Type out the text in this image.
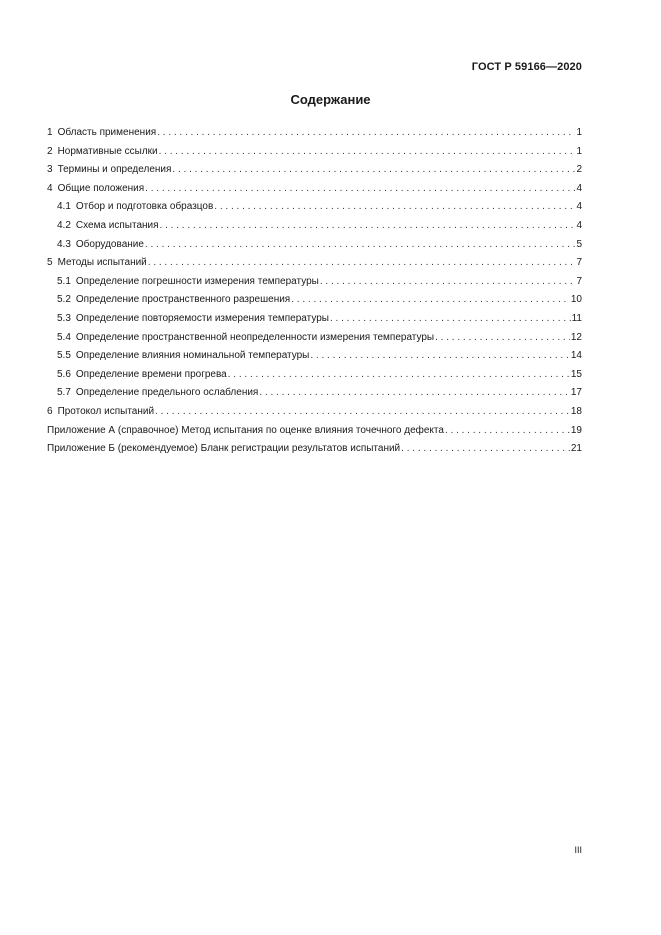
ГОСТ Р 59166—2020
Содержание
1 Область применения . . .	1
2 Нормативные ссылки . . .	1
3 Термины и определения . . .	2
4 Общие положения . . .	4
4.1 Отбор и подготовка образцов . . .	4
4.2 Схема испытания . . .	4
4.3 Оборудование . . .	5
5 Методы испытаний . . .	7
5.1 Определение погрешности измерения температуры . . .	7
5.2 Определение пространственного разрешения . . .	10
5.3 Определение повторяемости измерения температуры . . .	11
5.4 Определение пространственной неопределенности измерения температуры . . .	12
5.5 Определение влияния номинальной температуры . . .	14
5.6 Определение времени прогрева . . .	15
5.7 Определение предельного ослабления . . .	17
6 Протокол испытаний . . .	18
Приложение А (справочное) Метод испытания по оценке влияния точечного дефекта . . .	19
Приложение Б (рекомендуемое) Бланк регистрации результатов испытаний . . .	21
III
